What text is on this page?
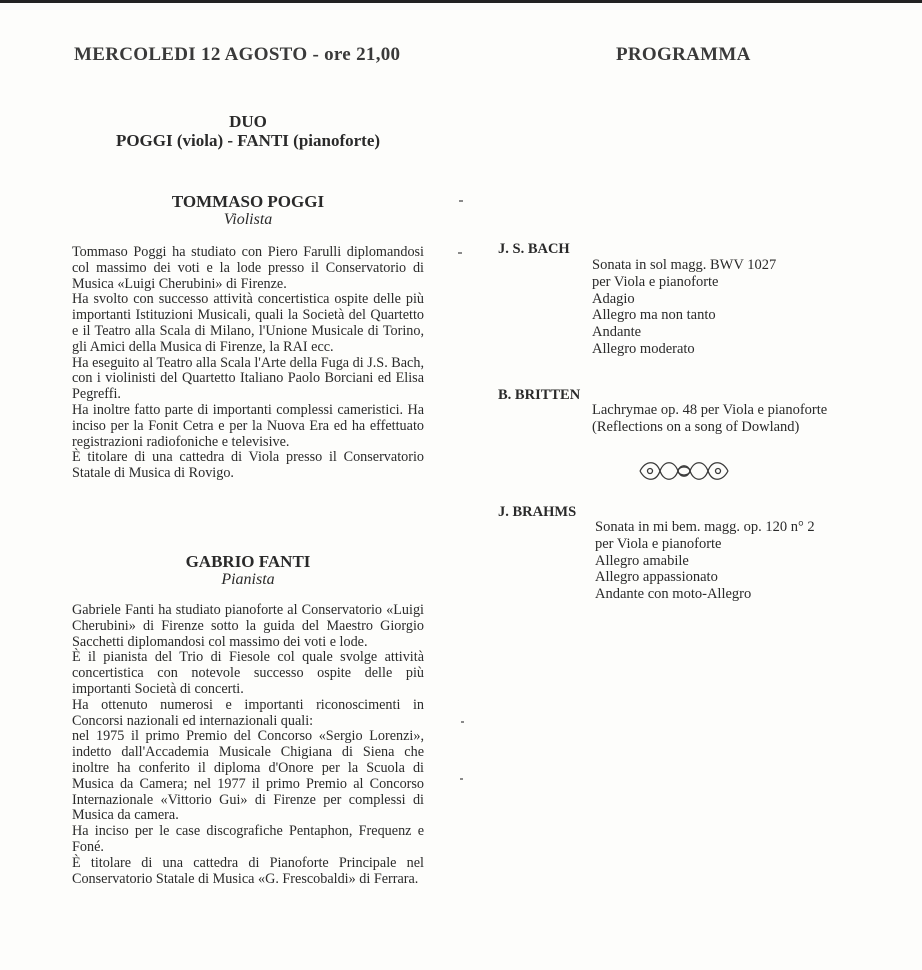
MERCOLEDI 12 AGOSTO - ore 21,00
DUO
POGGI (viola) - FANTI (pianoforte)
TOMMASO POGGI
Violista

Tommaso Poggi ha studiato con Piero Farulli diplomandosi col massimo dei voti e la lode presso il Conservatorio di Musica «Luigi Cherubini» di Firenze.

Ha svolto con successo attività concertistica ospite delle più importanti Istituzioni Musicali, quali la Società del Quartetto e il Teatro alla Scala di Milano, l'Unione Musicale di Torino, gli Amici della Musica di Firenze, la RAI ecc.

Ha eseguito al Teatro alla Scala l'Arte della Fuga di J.S. Bach, con i violinisti del Quartetto Italiano Paolo Borciani ed Elisa Pegreffi.

Ha inoltre fatto parte di importanti complessi cameristici. Ha inciso per la Fonit Cetra e per la Nuova Era ed ha effettuato registrazioni radiofoniche e televisive.

È titolare di una cattedra di Viola presso il Conservatorio Statale di Musica di Rovigo.

GABRIO FANTI
Pianista

Gabriele Fanti ha studiato pianoforte al Conservatorio «Luigi Cherubini» di Firenze sotto la guida del Maestro Giorgio Sacchetti diplomandosi col massimo dei voti e lode.

È il pianista del Trio di Fiesole col quale svolge attività concertistica con notevole successo ospite delle più importanti Società di concerti.

Ha ottenuto numerosi e importanti riconoscimenti in Concorsi nazionali ed internazionali quali:

nel 1975 il primo Premio del Concorso «Sergio Lorenzi», indetto dall'Accademia Musicale Chigiana di Siena che inoltre ha conferito il diploma d'Onore per la Scuola di Musica da Camera; nel 1977 il primo Premio al Concorso Internazionale «Vittorio Gui» di Firenze per complessi di Musica da camera.

Ha inciso per le case discografiche Pentaphon, Frequenz e Foné.

È titolare di una cattedra di Pianoforte Principale nel Conservatorio Statale di Musica «G. Frescobaldi» di Ferrara.

PROGRAMMA
J. S. BACH
Sonata in sol magg. BWV 1027
per Viola e pianoforte
Adagio
Allegro ma non tanto
Andante
Allegro moderato
B. BRITTEN
Lachrymae op. 48 per Viola e pianoforte
(Reflections on a song of Dowland)
J. BRAHMS
Sonata in mi bem. magg. op. 120 n° 2
per Viola e pianoforte
Allegro amabile
Allegro appassionato
Andante con moto-Allegro
